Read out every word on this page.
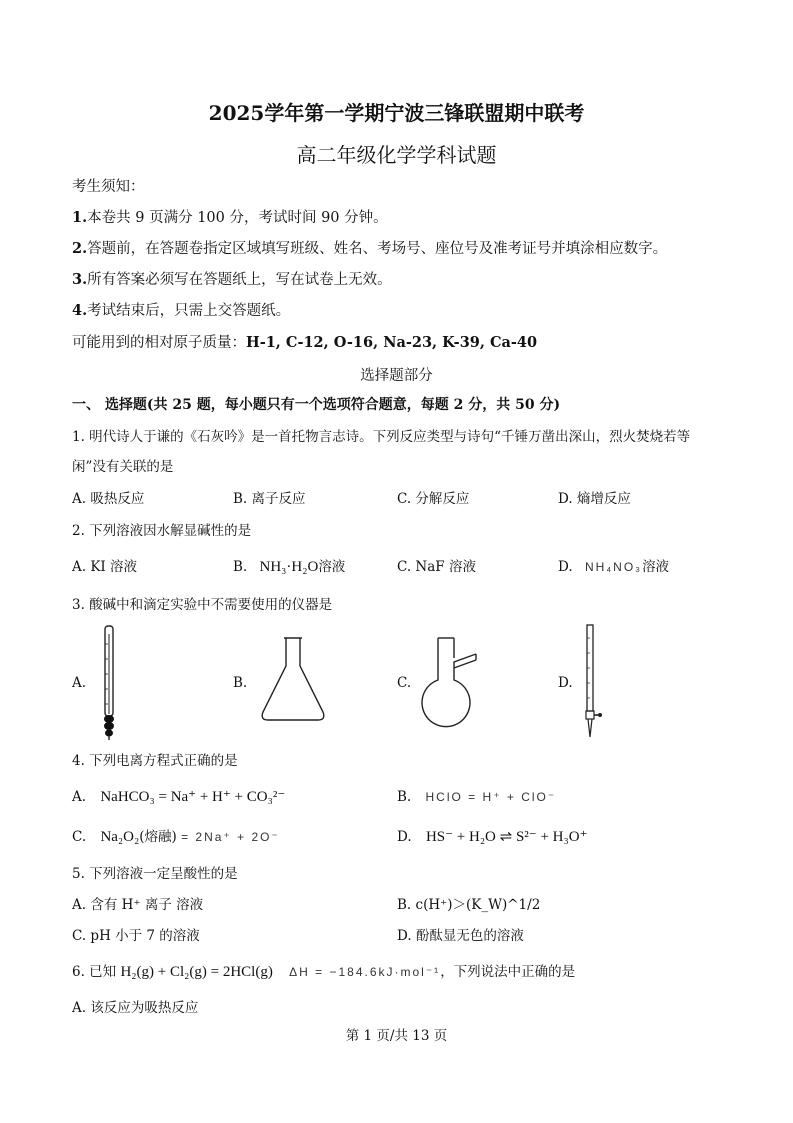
2025学年第一学期宁波三锋联盟期中联考
高二年级化学学科试题
考生须知：
1.本卷共 9 页满分 100 分，考试时间 90 分钟。
2.答题前，在答题卷指定区域填写班级、姓名、考场号、座位号及准考证号并填涂相应数字。
3.所有答案必须写在答题纸上，写在试卷上无效。
4.考试结束后，只需上交答题纸。
可能用到的相对原子质量：H-1, C-12, O-16, Na-23, K-39, Ca-40
选择题部分
一、 选择题(共 25 题，每小题只有一个选项符合题意，每题 2 分，共 50 分)
1. 明代诗人于谦的《石灰吟》是一首托物言志诗。下列反应类型与诗句“千锤万凿出深山，烈火焚烧若等
闲”没有关联的是
A. 吸热反应	B. 离子反应	C. 分解反应	D. 熵增反应
2. 下列溶液因水解显碱性的是
A. KI 溶液	B. NH₃·H₂O溶液	C. NaF 溶液	D. NH₄NO₃溶液
3. 酸碱中和滴定实验中不需要使用的仪器是
A.	B.	C.	D.
4. 下列电离方程式正确的是
A. NaHCO₃ = Na⁺ + H⁺ + CO₃²⁻	B. HClO = H⁺ + ClO⁻
C. Na₂O₂(熔融) = 2Na⁺ + 2O⁻	D. HS⁻ + H₂O ⇌ S²⁻ + H₃O⁺
5. 下列溶液一定呈酸性的是
A. 含有 H⁺ 离子 溶液	B. c(H⁺)＞(K_W)^1/2
C. pH 小于 7 的溶液	D. 酚酞显无色的溶液
6. 已知 H₂(g) + Cl₂(g) = 2HCl(g) ΔH = −184.6kJ·mol⁻¹，下列说法中正确的是
A. 该反应为吸热反应
第 1 页/共 13 页
